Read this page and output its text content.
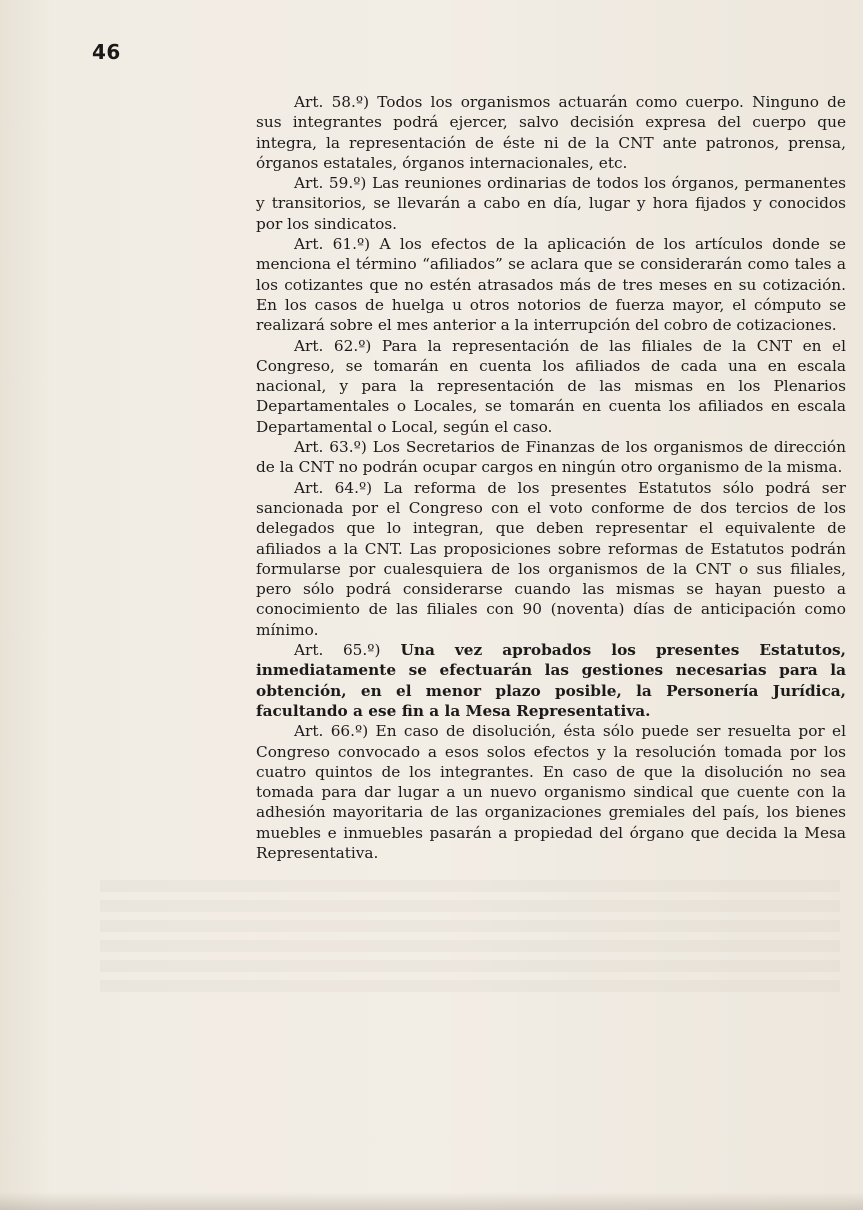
46

Art. 58.º) Todos los organismos actuarán como cuerpo. Ninguno de sus integrantes podrá ejercer, salvo decisión expresa del cuerpo que integra, la representación de éste ni de la CNT ante patronos, prensa, órganos estatales, órganos internacionales, etc.

Art. 59.º) Las reuniones ordinarias de todos los órganos, permanentes y transitorios, se llevarán a cabo en día, lugar y hora fijados y conocidos por los sindicatos.

Art. 61.º) A los efectos de la aplicación de los artículos donde se menciona el término “afiliados” se aclara que se considerarán como tales a los cotizantes que no estén atrasados más de tres meses en su cotización. En los casos de huelga u otros notorios de fuerza mayor, el cómputo se realizará sobre el mes anterior a la interrupción del cobro de cotizaciones.

Art. 62.º) Para la representación de las filiales de la CNT en el Congreso, se tomarán en cuenta los afiliados de cada una en escala nacional, y para la representación de las mismas en los Plenarios Departamentales o Locales, se tomarán en cuenta los afiliados en escala Departamental o Local, según el caso.

Art. 63.º) Los Secretarios de Finanzas de los organismos de dirección de la CNT no podrán ocupar cargos en ningún otro organismo de la misma.

Art. 64.º) La reforma de los presentes Estatutos sólo podrá ser sancionada por el Congreso con el voto conforme de dos tercios de los delegados que lo integran, que deben representar el equivalente de afiliados a la CNT. Las proposiciones sobre reformas de Estatutos podrán formularse por cualesquiera de los organismos de la CNT o sus filiales, pero sólo podrá considerarse cuando las mismas se hayan puesto a conocimiento de las filiales con 90 (noventa) días de anticipación como mínimo.

Art. 65.º) Una vez aprobados los presentes Estatutos, inmediatamente se efectuarán las gestiones necesarias para la obtención, en el menor plazo posible, la Personería Jurídica, facultando a ese fin a la Mesa Representativa.

Art. 66.º) En caso de disolución, ésta sólo puede ser resuelta por el Congreso convocado a esos solos efectos y la resolución tomada por los cuatro quintos de los integrantes. En caso de que la disolución no sea tomada para dar lugar a un nuevo organismo sindical que cuente con la adhesión mayoritaria de las organizaciones gremiales del país, los bienes muebles e inmuebles pasarán a propiedad del órgano que decida la Mesa Representativa.
